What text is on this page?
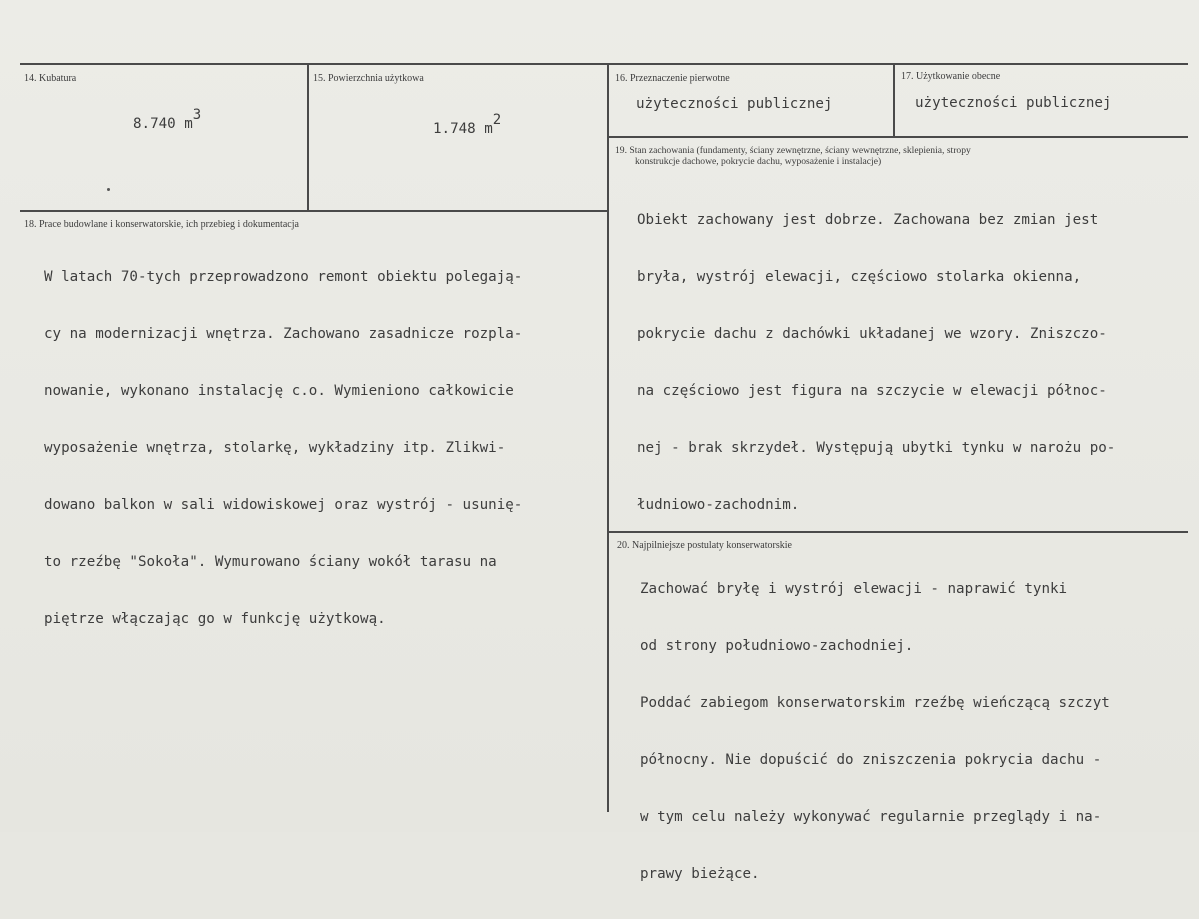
14. Kubatura
8.740 m3
15. Powierzchnia użytkowa
1.748 m2
16. Przeznaczenie pierwotne
użyteczności publicznej
17. Użytkowanie obecne
użyteczności publicznej
18. Prace budowlane i konserwatorskie, ich przebieg i dokumentacja

W latach 70-tych przeprowadzono remont obiektu polegają-

cy na modernizacji wnętrza. Zachowano zasadnicze rozpla-

nowanie, wykonano instalację c.o. Wymieniono całkowicie

wyposażenie wnętrza, stolarkę, wykładziny itp. Zlikwi-

dowano balkon w sali widowiskowej oraz wystrój - usunię-

to rzeźbę "Sokoła". Wymurowano ściany wokół tarasu na

piętrze włączając go w funkcję użytkową.

19. Stan zachowania (fundamenty, ściany zewnętrzne, ściany wewnętrzne, sklepienia, stropy
konstrukcje dachowe, pokrycie dachu, wyposażenie i instalacje)

Obiekt zachowany jest dobrze. Zachowana bez zmian jest

bryła, wystrój elewacji, częściowo stolarka okienna,

pokrycie dachu z dachówki układanej we wzory. Zniszczo-

na częściowo jest figura na szczycie w elewacji północ-

nej - brak skrzydeł. Występują ubytki tynku w narożu po-

łudniowo-zachodnim.

20. Najpilniejsze postulaty konserwatorskie

Zachować bryłę i wystrój elewacji - naprawić tynki

od strony południowo-zachodniej.

Poddać zabiegom konserwatorskim rzeźbę wieńczącą szczyt

północny. Nie dopuścić do zniszczenia pokrycia dachu -

w tym celu należy wykonywać regularnie przeglądy i na-

prawy bieżące.
